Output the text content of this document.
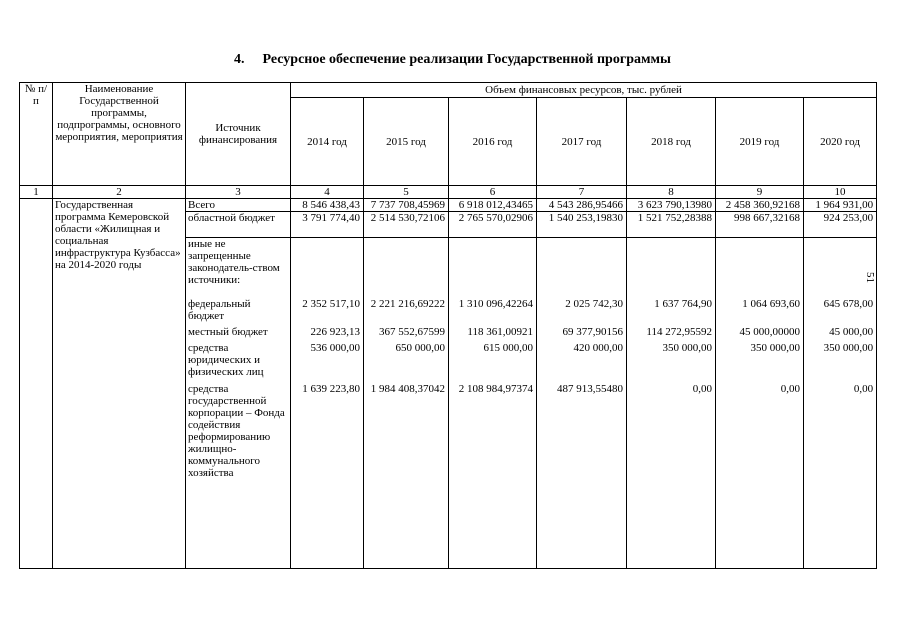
4. Ресурсное обеспечение реализации Государственной программы
51
№ п/п	Наименование Государственной программы, подпрограммы, основного мероприятия, мероприятия	Источник финансирования	Объем финансовых ресурсов, тыс. рублей						
			2014 год	2015 год	2016 год	2017 год	2018 год	2019 год	2020 год
1	2	3	4	5	6	7	8	9	10
	Государственная программа Кемеровской области «Жилищная и социальная инфраструктура Кузбасса» на 2014-2020 годы	Всего	8 546 438,43	7 737 708,45969	6 918 012,43465	4 543 286,95466	3 623 790,13980	2 458 360,92168	1 964 931,00
		областной бюджет	3 791 774,40	2 514 530,72106	2 765 570,02906	1 540 253,19830	1 521 752,28388	998 667,32168	924 253,00
		иные не запрещенные законодатель-ством источники:							
		федеральный бюджет	2 352 517,10	2 221 216,69222	1 310 096,42264	2 025 742,30	1 637 764,90	1 064 693,60	645 678,00
		местный бюджет	226 923,13	367 552,67599	118 361,00921	69 377,90156	114 272,95592	45 000,00000	45 000,00
		средства юридических и физических лиц	536 000,00	650 000,00	615 000,00	420 000,00	350 000,00	350 000,00	350 000,00
		средства государственной корпорации – Фонда содействия реформированию жилищно-коммунального хозяйства	1 639 223,80	1 984 408,37042	2 108 984,97374	487 913,55480	0,00	0,00	0,00
